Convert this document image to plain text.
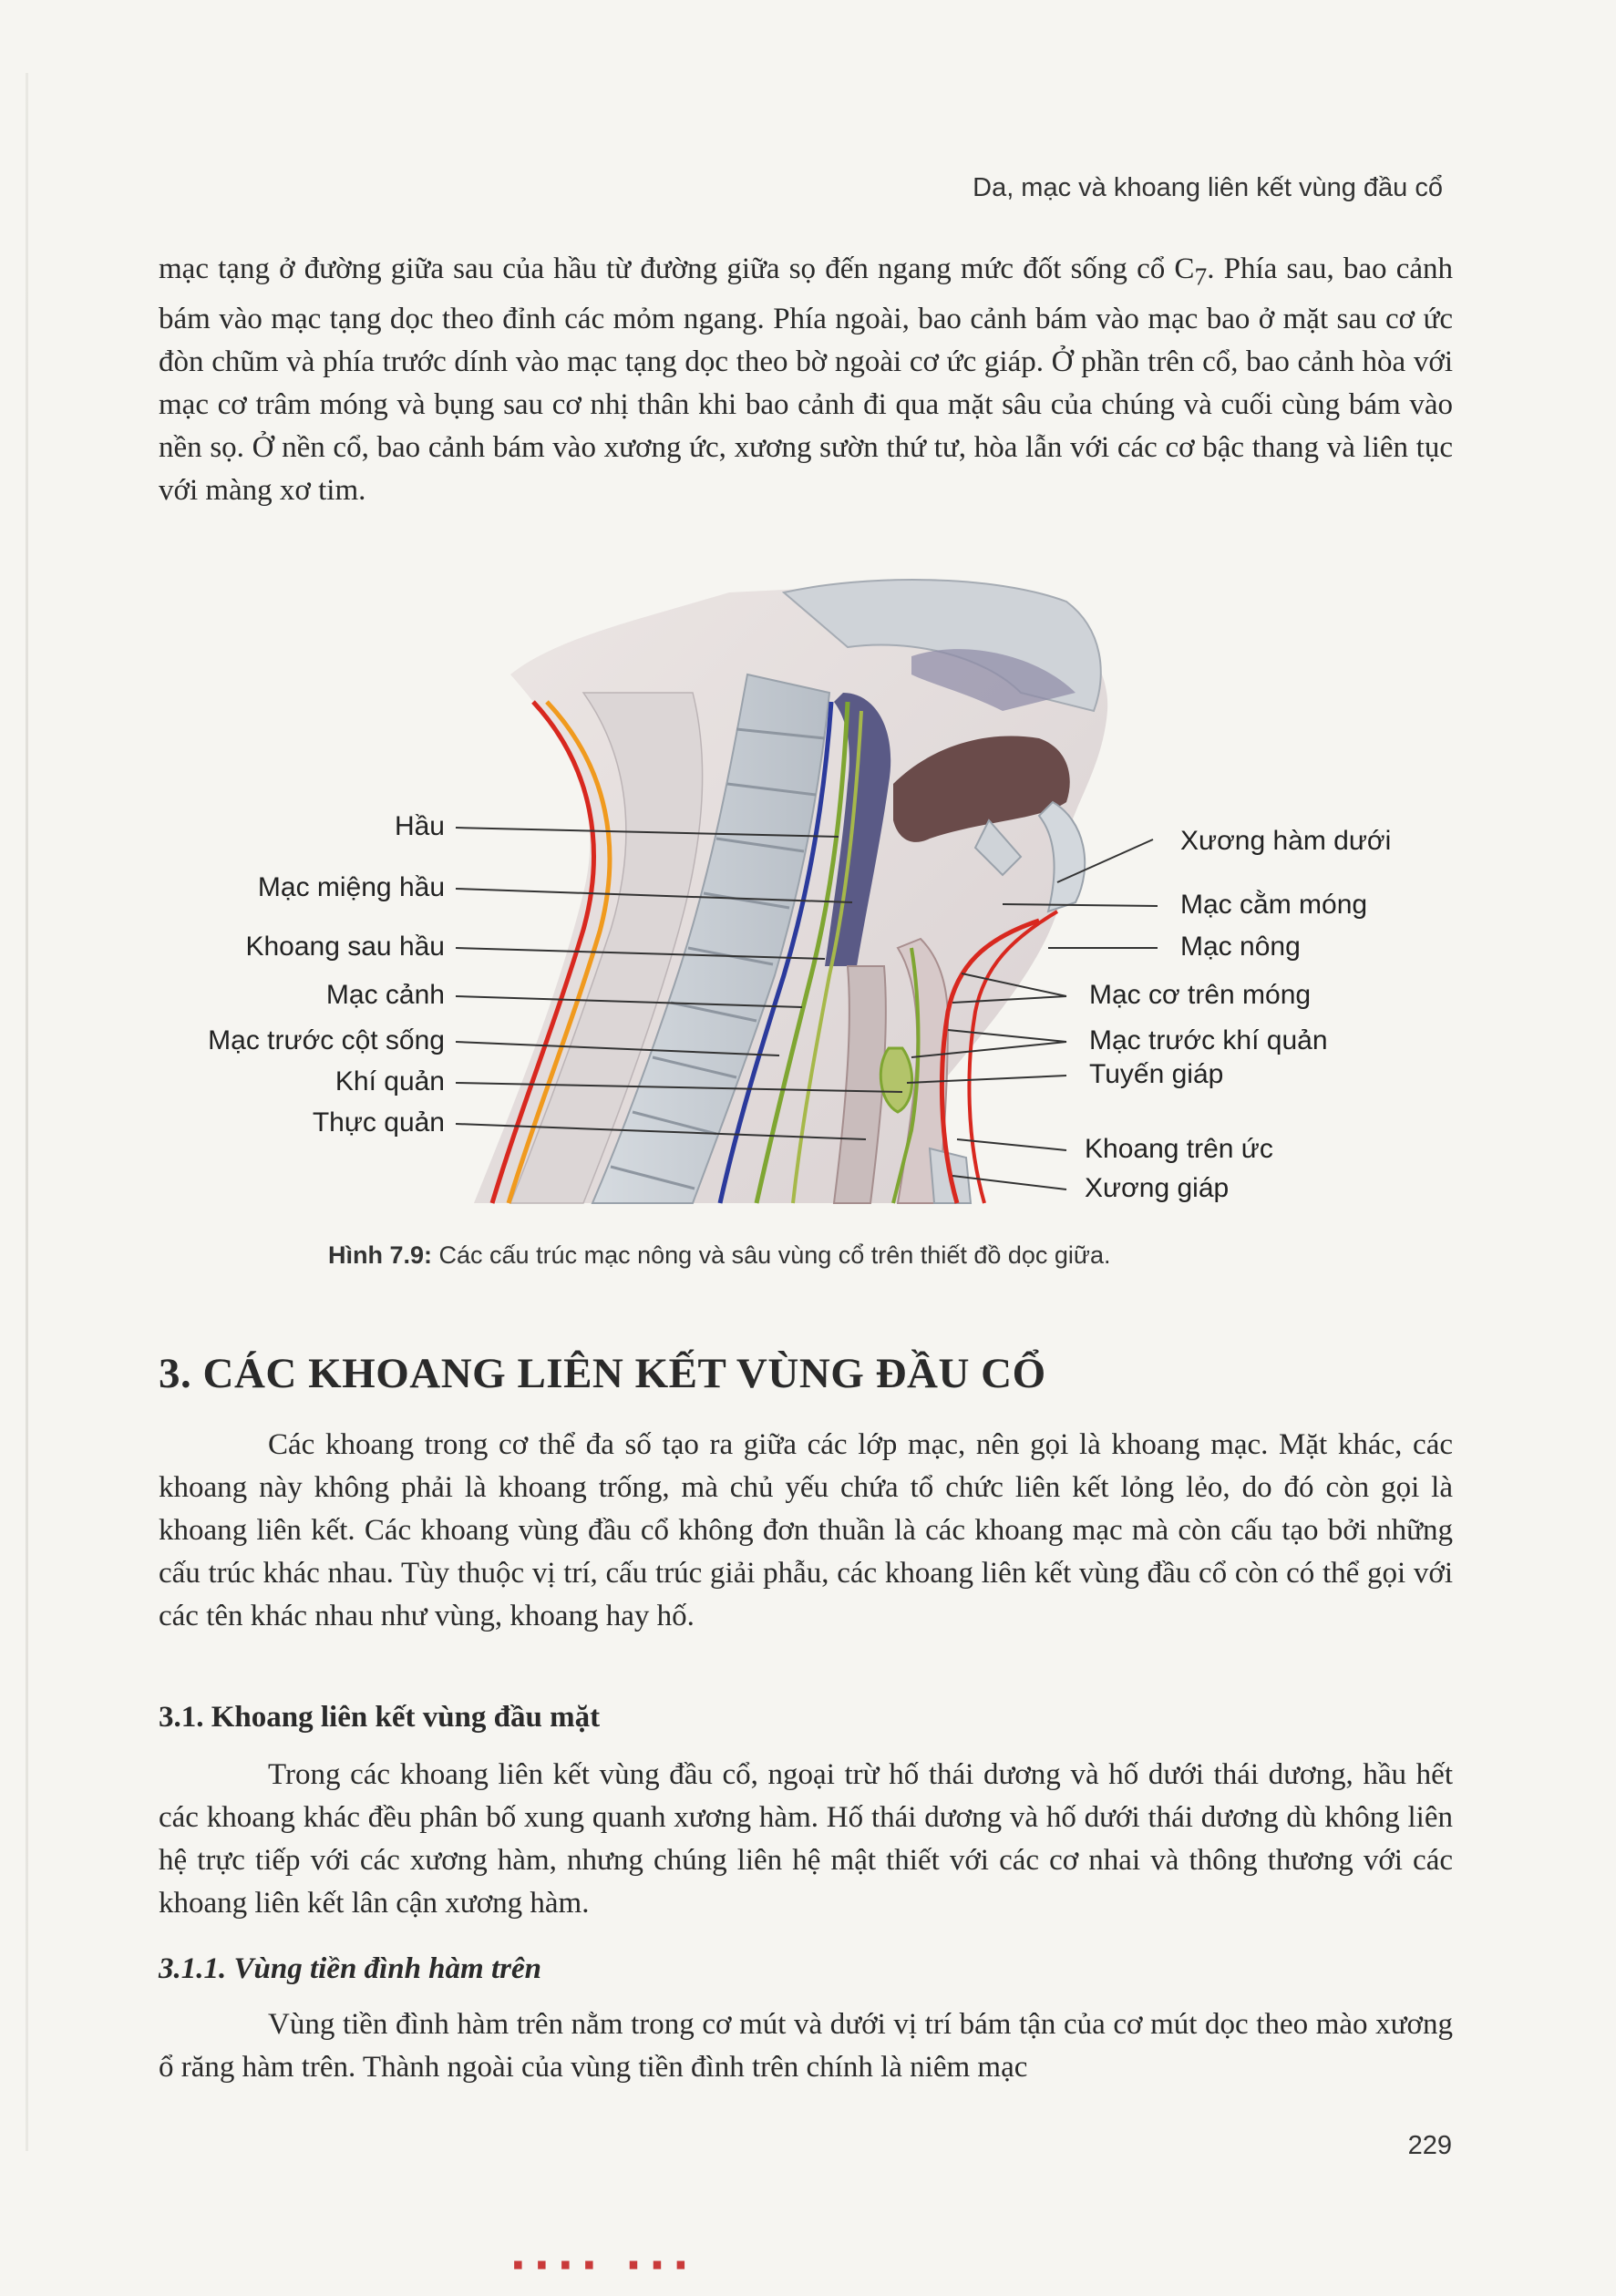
Da, mạc và khoang liên kết vùng đầu cổ

mạc tạng ở đường giữa sau của hầu từ đường giữa sọ đến ngang mức đốt sống cổ $C_7$. Phía sau, bao cảnh bám vào mạc tạng dọc theo đỉnh các mỏm ngang. Phía ngoài, bao cảnh bám vào mạc bao ở mặt sau cơ ức đòn chũm và phía trước dính vào mạc tạng dọc theo bờ ngoài cơ ức giáp. Ở phần trên cổ, bao cảnh hòa với mạc cơ trâm móng và bụng sau cơ nhị thân khi bao cảnh đi qua mặt sâu của chúng và cuối cùng bám vào nền sọ. Ở nền cổ, bao cảnh bám vào xương ức, xương sườn thứ tư, hòa lẫn với các cơ bậc thang và liên tục với màng xơ tim.

Hầu
Mạc miệng hầu
Khoang sau hầu
Mạc cảnh
Mạc trước cột sống
Khí quản
Thực quản
Xương hàm dưới
Mạc cằm móng
Mạc nông
Mạc cơ trên móng
Mạc trước khí quản
Tuyến giáp
Khoang trên ức
Xương giáp
Hình 7.9: Các cấu trúc mạc nông và sâu vùng cổ trên thiết đồ dọc giữa.
3. CÁC KHOANG LIÊN KẾT VÙNG ĐẦU CỔ

Các khoang trong cơ thể đa số tạo ra giữa các lớp mạc, nên gọi là khoang mạc. Mặt khác, các khoang này không phải là khoang trống, mà chủ yếu chứa tổ chức liên kết lỏng lẻo, do đó còn gọi là khoang liên kết. Các khoang vùng đầu cổ không đơn thuần là các khoang mạc mà còn cấu tạo bởi những cấu trúc khác nhau. Tùy thuộc vị trí, cấu trúc giải phẫu, các khoang liên kết vùng đầu cổ còn có thể gọi với các tên khác nhau như vùng, khoang hay hố.

3.1. Khoang liên kết vùng đầu mặt

Trong các khoang liên kết vùng đầu cổ, ngoại trừ hố thái dương và hố dưới thái dương, hầu hết các khoang khác đều phân bố xung quanh xương hàm. Hố thái dương và hố dưới thái dương dù không liên hệ trực tiếp với các xương hàm, nhưng chúng liên hệ mật thiết với các cơ nhai và thông thương với các khoang liên kết lân cận xương hàm.

3.1.1. Vùng tiền đình hàm trên

Vùng tiền đình hàm trên nằm trong cơ mút và dưới vị trí bám tận của cơ mút dọc theo mào xương ổ răng hàm trên. Thành ngoài của vùng tiền đình trên chính là niêm mạc

229
···· ···
